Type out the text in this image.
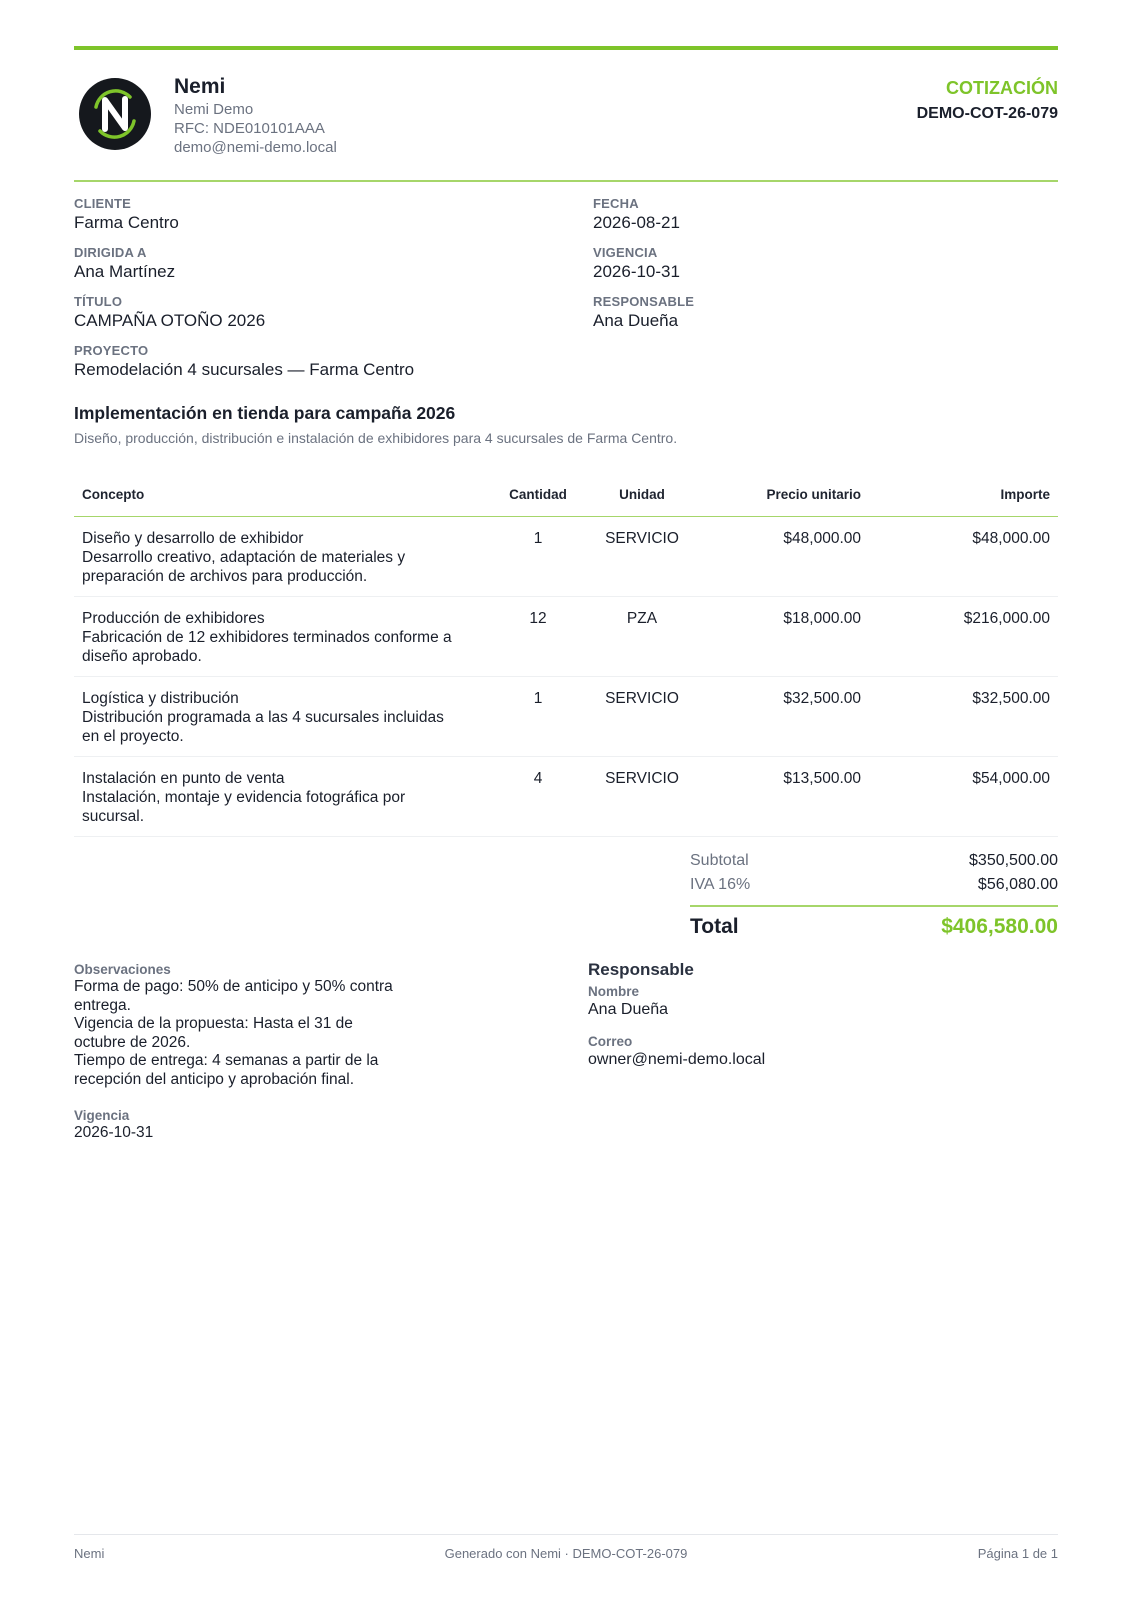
Nemi
Nemi Demo
RFC: NDE010101AAA
demo@nemi-demo.local
COTIZACIÓN
DEMO-COT-26-079
CLIENTE
Farma Centro
DIRIGIDA A
Ana Martínez
TÍTULO
CAMPAÑA OTOÑO 2026
PROYECTO
Remodelación 4 sucursales — Farma Centro
FECHA
2026-08-21
VIGENCIA
2026-10-31
RESPONSABLE
Ana Dueña
Implementación en tienda para campaña 2026
Diseño, producción, distribución e instalación de exhibidores para 4 sucursales de Farma Centro.
Concepto	Cantidad	Unidad	Precio unitario	Importe

Diseño y desarrollo de exhibidor
Desarrollo creativo, adaptación de materiales y
preparación de archivos para producción.	1	SERVICIO	$48,000.00	$48,000.00

Producción de exhibidores
Fabricación de 12 exhibidores terminados conforme a
diseño aprobado.	12	PZA	$18,000.00	$216,000.00

Logística y distribución
Distribución programada a las 4 sucursales incluidas
en el proyecto.	1	SERVICIO	$32,500.00	$32,500.00

Instalación en punto de venta
Instalación, montaje y evidencia fotográfica por
sucursal.	4	SERVICIO	$13,500.00	$54,000.00
Subtotal	$350,500.00
IVA 16%	$56,080.00
Total	$406,580.00
Observaciones
Forma de pago: 50% de anticipo y 50% contra
entrega.
Vigencia de la propuesta: Hasta el 31 de
octubre de 2026.
Tiempo de entrega: 4 semanas a partir de la
recepción del anticipo y aprobación final.
Vigencia
2026-10-31
Responsable
Nombre
Ana Dueña
Correo
owner@nemi-demo.local
Nemi	Generado con Nemi · DEMO-COT-26-079	Página 1 de 1
